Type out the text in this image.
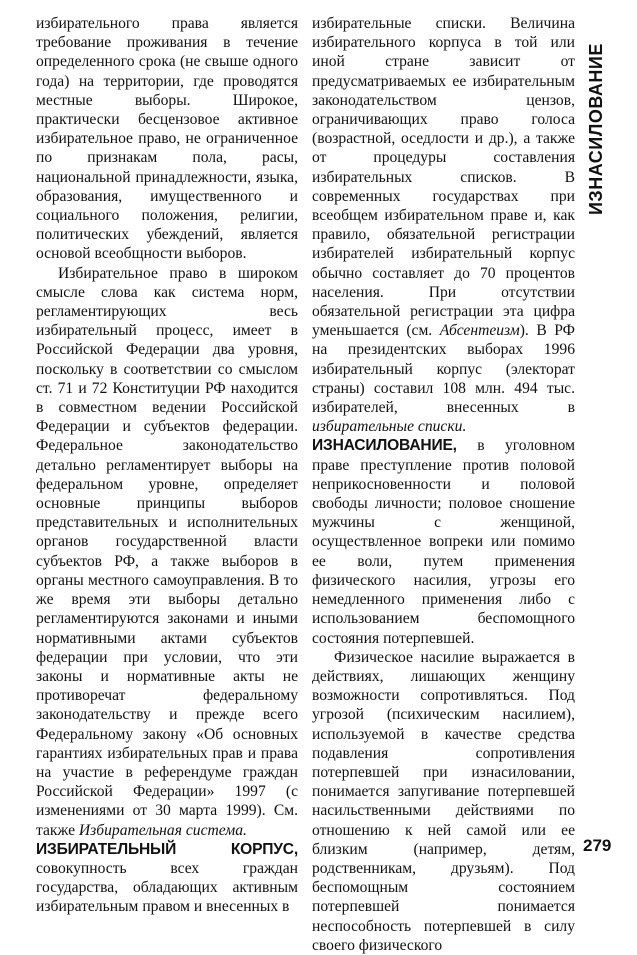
избирательного права является требование проживания в течение определенного срока (не свыше одного года) на территории, где проводятся местные выборы. Широкое, практически бесцензовое активное избирательное право, не ограниченное по признакам пола, расы, национальной принадлежности, языка, образования, имущественного и социального положения, религии, политических убеждений, является основой всеобщности выборов.

Избирательное право в широком смысле слова как система норм, регламентирующих весь избирательный процесс, имеет в Российской Федерации два уровня, поскольку в соответствии со смыслом ст. 71 и 72 Конституции РФ находится в совместном ведении Российской Федерации и субъектов федерации. Федеральное законодательство детально регламентирует выборы на федеральном уровне, определяет основные принципы выборов представительных и исполнительных органов государственной власти субъектов РФ, а также выборов в органы местного самоуправления. В то же время эти выборы детально регламентируются законами и иными нормативными актами субъектов федерации при условии, что эти законы и нормативные акты не противоречат федеральному законодательству и прежде всего Федеральному закону «Об основных гарантиях избирательных прав и права на участие в референдуме граждан Российской Федерации» 1997 (с изменениями от 30 марта 1999). См. также Избирательная система.

ИЗБИРАТЕЛЬНЫЙ КОРПУС, совокупность всех граждан государства, обладающих активным избирательным правом и внесенных в

избирательные списки. Величина избирательного корпуса в той или иной стране зависит от предусматриваемых ее избирательным законодательством цензов, ограничивающих право голоса (возрастной, оседлости и др.), а также от процедуры составления избирательных списков. В современных государствах при всеобщем избирательном праве и, как правило, обязательной регистрации избирателей избирательный корпус обычно составляет до 70 процентов населения. При отсутствии обязательной регистрации эта цифра уменьшается (см. Абсентеизм). В РФ на президентских выборах 1996 избирательный корпус (электорат страны) составил 108 млн. 494 тыс. избирателей, внесенных в избирательные списки.

ИЗНАСИЛОВАНИЕ, в уголовном праве преступление против половой неприкосновенности и половой свободы личности; половое сношение мужчины с женщиной, осуществленное вопреки или помимо ее воли, путем применения физического насилия, угрозы его немедленного применения либо с использованием беспомощного состояния потерпевшей.

Физическое насилие выражается в действиях, лишающих женщину возможности сопротивляться. Под угрозой (психическим насилием), используемой в качестве средства подавления сопротивления потерпевшей при изнасиловании, понимается запугивание потерпевшей насильственными действиями по отношению к ней самой или ее близким (например, детям, родственникам, друзьям). Под беспомощным состоянием потерпевшей понимается неспособность потерпевшей в силу своего физического

ИЗНАСИЛОВАНИЕ
279
